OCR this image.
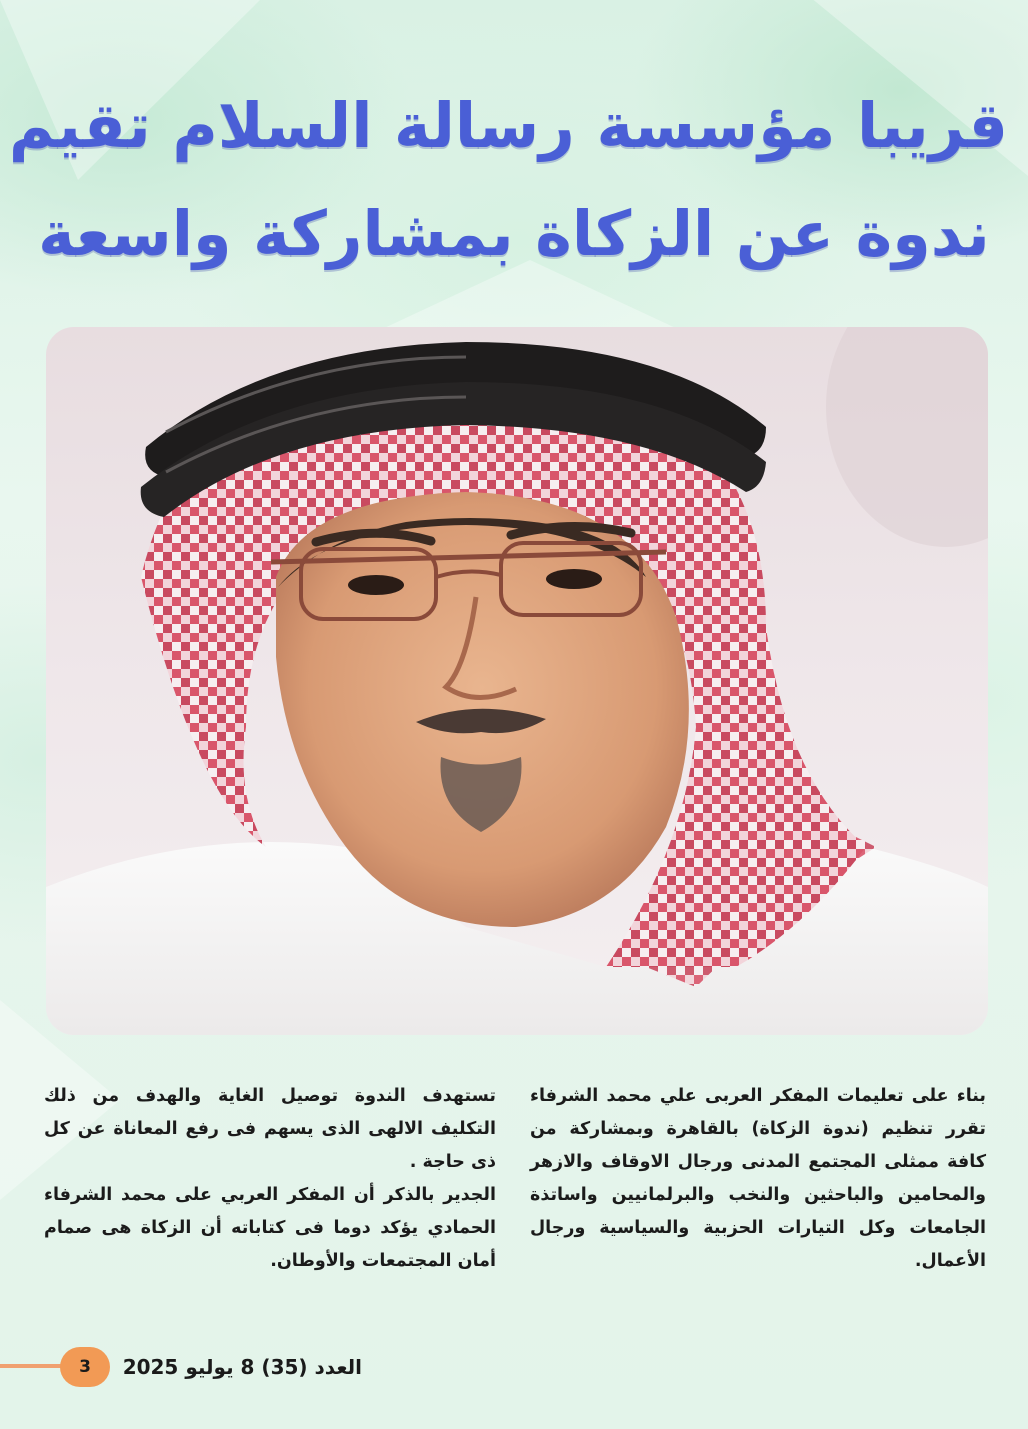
قريبا مؤسسة رسالة السلام تقيم
ندوة عن الزكاة بمشاركة واسعة

بناء على تعليمات المفكر العربى علي محمد الشرفاء تقرر تنظيم (ندوة الزكاة) بالقاهرة وبمشاركة من كافة ممثلى المجتمع المدنى ورجال الاوقاف والازهر والمحامين والباحثين والنخب والبرلمانيين واساتذة الجامعات وكل التيارات الحزبية والسياسية ورجال الأعمال.

تستهدف الندوة توصيل الغاية والهدف من ذلك التكليف الالهى الذى يسهم فى رفع المعاناة عن كل ذى حاجة .

الجدير بالذكر أن المفكر العربي على محمد الشرفاء الحمادي يؤكد دوما فى كتاباته أن الزكاة هى صمام أمان المجتمعات والأوطان.

3	العدد (35) 8 يوليو 2025
